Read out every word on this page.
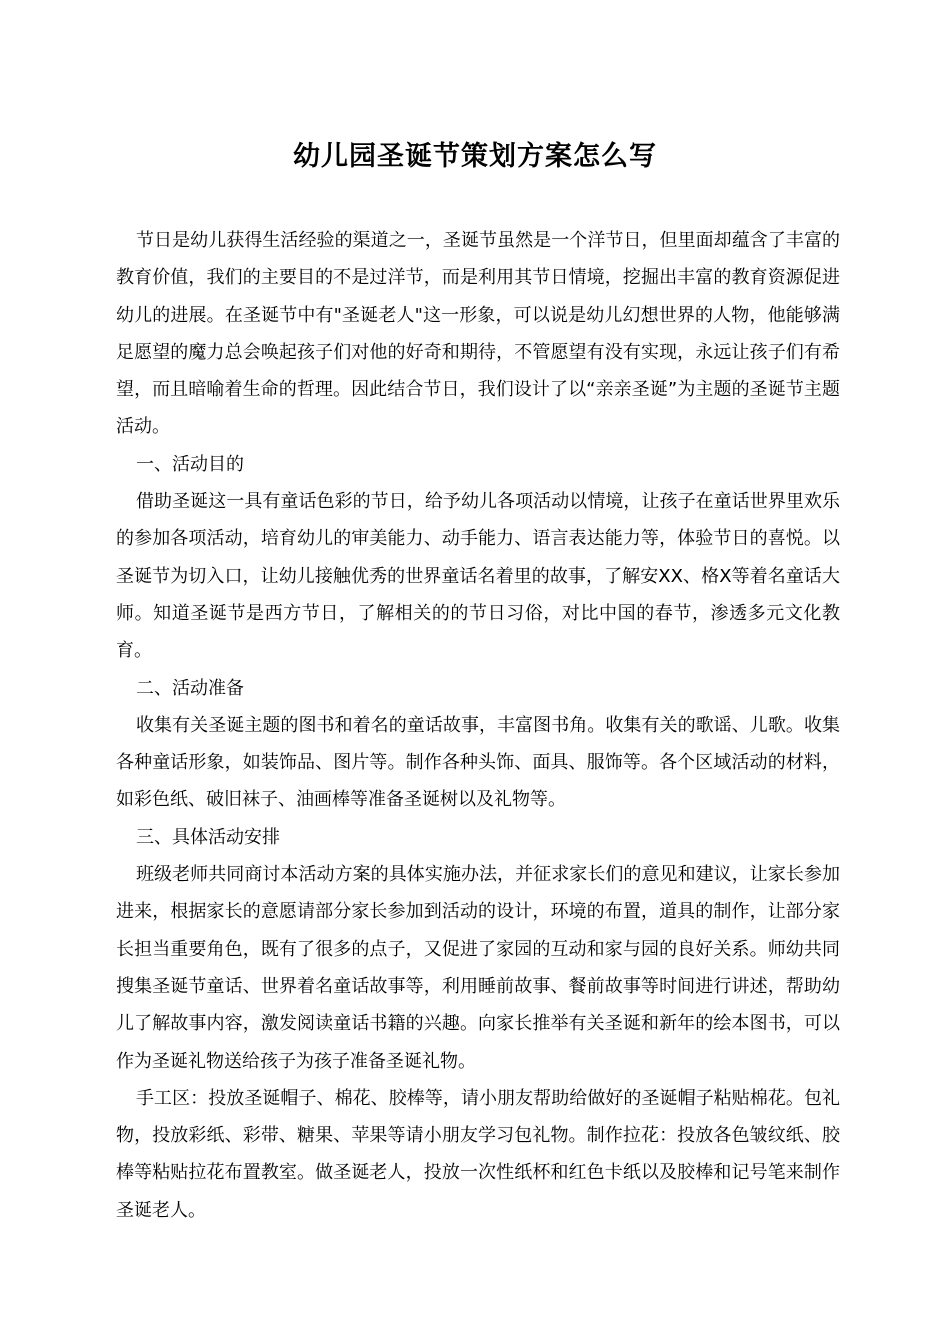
幼儿园圣诞节策划方案怎么写

节日是幼儿获得生活经验的渠道之一，圣诞节虽然是一个洋节日，但里面却蕴含了丰富的教育价值，我们的主要目的不是过洋节，而是利用其节日情境，挖掘出丰富的教育资源促进幼儿的进展。在圣诞节中有"圣诞老人"这一形象，可以说是幼儿幻想世界的人物，他能够满足愿望的魔力总会唤起孩子们对他的好奇和期待，不管愿望有没有实现，永远让孩子们有希望，而且暗喻着生命的哲理。因此结合节日，我们设计了以“亲亲圣诞”为主题的圣诞节主题活动。

一、活动目的

借助圣诞这一具有童话色彩的节日，给予幼儿各项活动以情境，让孩子在童话世界里欢乐的参加各项活动，培育幼儿的审美能力、动手能力、语言表达能力等，体验节日的喜悦。以圣诞节为切入口，让幼儿接触优秀的世界童话名着里的故事，了解安XX、格X等着名童话大师。知道圣诞节是西方节日，了解相关的的节日习俗，对比中国的春节，渗透多元文化教育。

二、活动准备

收集有关圣诞主题的图书和着名的童话故事，丰富图书角。收集有关的歌谣、儿歌。收集各种童话形象，如装饰品、图片等。制作各种头饰、面具、服饰等。各个区域活动的材料，如彩色纸、破旧袜子、油画棒等准备圣诞树以及礼物等。

三、具体活动安排

班级老师共同商讨本活动方案的具体实施办法，并征求家长们的意见和建议，让家长参加进来，根据家长的意愿请部分家长参加到活动的设计，环境的布置，道具的制作，让部分家长担当重要角色，既有了很多的点子，又促进了家园的互动和家与园的良好关系。师幼共同搜集圣诞节童话、世界着名童话故事等，利用睡前故事、餐前故事等时间进行讲述，帮助幼儿了解故事内容，激发阅读童话书籍的兴趣。向家长推举有关圣诞和新年的绘本图书，可以作为圣诞礼物送给孩子为孩子准备圣诞礼物。

手工区：投放圣诞帽子、棉花、胶棒等，请小朋友帮助给做好的圣诞帽子粘贴棉花。包礼物，投放彩纸、彩带、糖果、苹果等请小朋友学习包礼物。制作拉花：投放各色皱纹纸、胶棒等粘贴拉花布置教室。做圣诞老人，投放一次性纸杯和红色卡纸以及胶棒和记号笔来制作圣诞老人。
